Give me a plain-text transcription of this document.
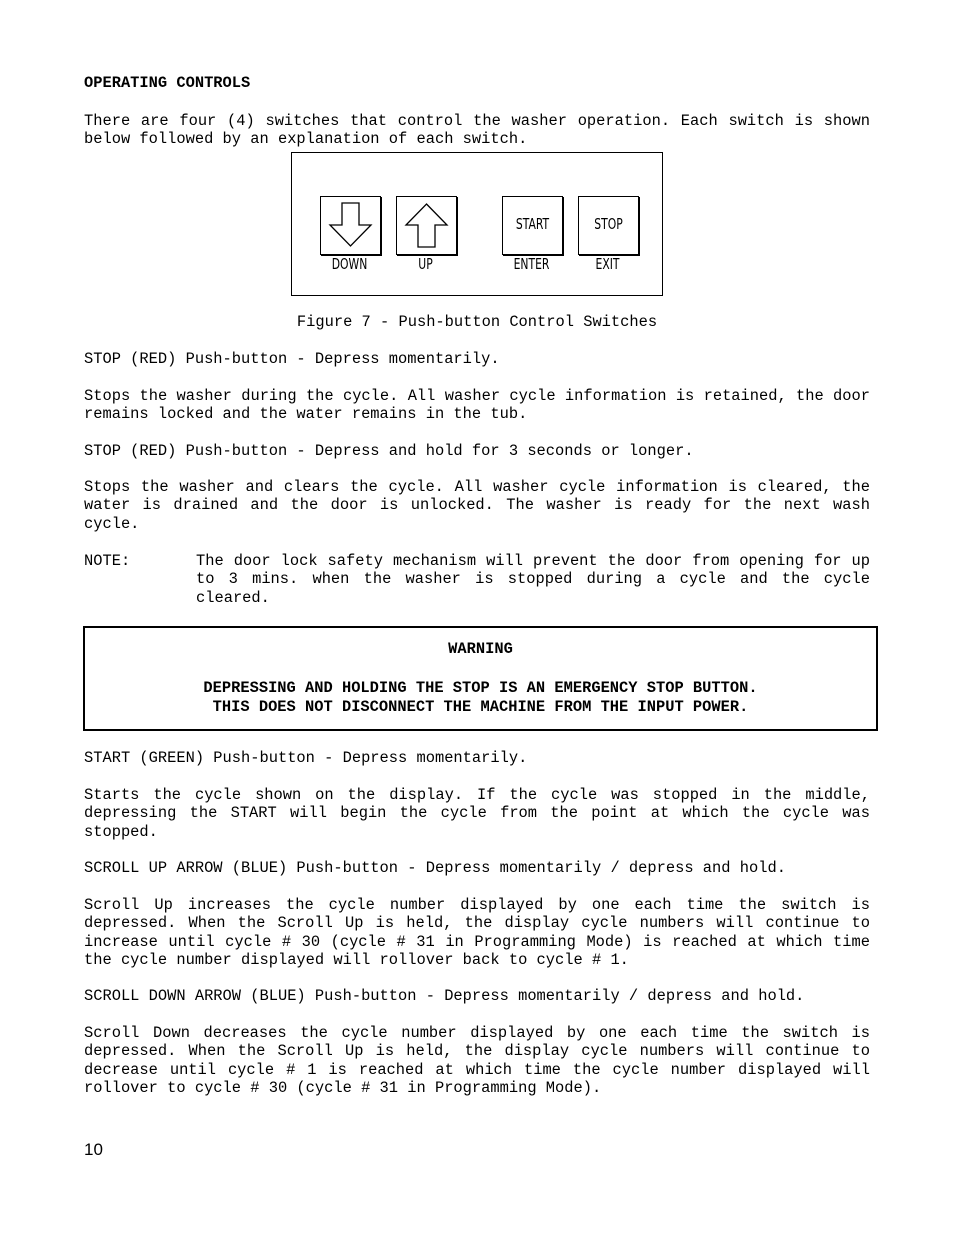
OPERATING CONTROLS

There are four (4) switches that control the washer operation. Each switch is shown below followed by an explanation of each switch.

DOWN	UP
START
ENTER
STOP
EXIT
Figure 7 - Push-button Control Switches
STOP (RED) Push-button - Depress momentarily.

Stops the washer during the cycle. All washer cycle information is retained, the door remains locked and the water remains in the tub.

STOP (RED) Push-button - Depress and hold for 3 seconds or longer.

Stops the washer and clears the cycle. All washer cycle information is cleared, the water is drained and the door is unlocked. The washer is ready for the next wash cycle.

NOTE:	The door lock safety mechanism will prevent the door from opening for up to 3 mins. when the washer is stopped during a cycle and the cycle cleared.

WARNING
DEPRESSING AND HOLDING THE STOP IS AN EMERGENCY STOP BUTTON.
THIS DOES NOT DISCONNECT THE MACHINE FROM THE INPUT POWER.
START (GREEN) Push-button - Depress momentarily.

Starts the cycle shown on the display. If the cycle was stopped in the middle, depressing the START will begin the cycle from the point at which the cycle was stopped.

SCROLL UP ARROW (BLUE) Push-button - Depress momentarily / depress and hold.

Scroll Up increases the cycle number displayed by one each time the switch is depressed. When the Scroll Up is held, the display cycle numbers will continue to increase until cycle # 30 (cycle # 31 in Programming Mode) is reached at which time the cycle number displayed will rollover back to cycle # 1.

SCROLL DOWN ARROW (BLUE) Push-button - Depress momentarily / depress and hold.

Scroll Down decreases the cycle number displayed by one each time the switch is depressed. When the Scroll Up is held, the display cycle numbers will continue to decrease until cycle # 1 is reached at which time the cycle number displayed will rollover to cycle # 30 (cycle # 31 in Programming Mode).

10
